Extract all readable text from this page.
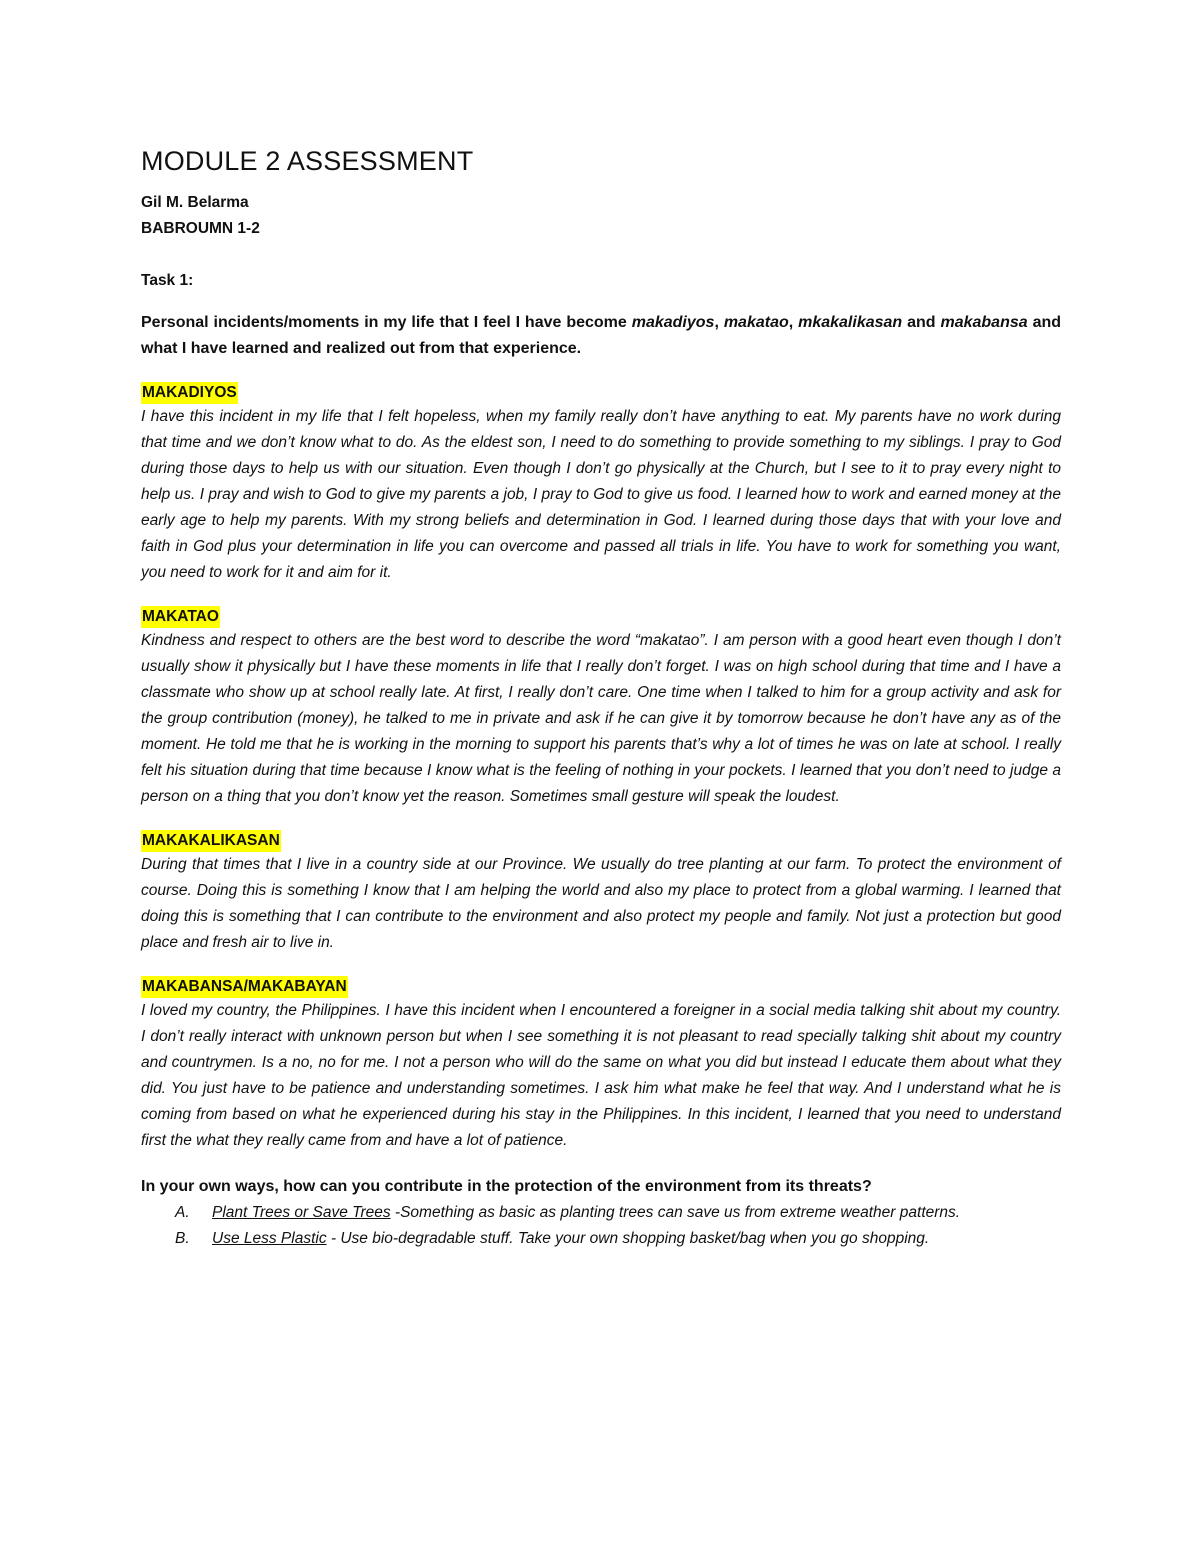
MODULE 2 ASSESSMENT
Gil M. Belarma
BABROUMN 1-2
Task 1:
Personal incidents/moments in my life that I feel I have become makadiyos, makatao, mkakalikasan and makabansa and what I have learned and realized out from that experience.
MAKADIYOS
I have this incident in my life that I felt hopeless, when my family really don’t have anything to eat. My parents have no work during that time and we don’t know what to do. As the eldest son, I need to do something to provide something to my siblings. I pray to God during those days to help us with our situation. Even though I don’t go physically at the Church, but I see to it to pray every night to help us. I pray and wish to God to give my parents a job, I pray to God to give us food. I learned how to work and earned money at the early age to help my parents. With my strong beliefs and determination in God. I learned during those days that with your love and faith in God plus your determination in life you can overcome and passed all trials in life. You have to work for something you want, you need to work for it and aim for it.
MAKATAO
Kindness and respect to others are the best word to describe the word “makatao”. I am person with a good heart even though I don’t usually show it physically but I have these moments in life that I really don’t forget. I was on high school during that time and I have a classmate who show up at school really late. At first, I really don’t care. One time when I talked to him for a group activity and ask for the group contribution (money), he talked to me in private and ask if he can give it by tomorrow because he don’t have any as of the moment. He told me that he is working in the morning to support his parents that’s why a lot of times he was on late at school. I really felt his situation during that time because I know what is the feeling of nothing in your pockets. I learned that you don’t need to judge a person on a thing that you don’t know yet the reason. Sometimes small gesture will speak the loudest.
MAKAKALIKASAN
During that times that I live in a country side at our Province. We usually do tree planting at our farm. To protect the environment of course. Doing this is something I know that I am helping the world and also my place to protect from a global warming. I learned that doing this is something that I can contribute to the environment and also protect my people and family. Not just a protection but good place and fresh air to live in.
MAKABANSA/MAKABAYAN
I loved my country, the Philippines. I have this incident when I encountered a foreigner in a social media talking shit about my country. I don’t really interact with unknown person but when I see something it is not pleasant to read specially talking shit about my country and countrymen. Is a no, no for me. I not a person who will do the same on what you did but instead I educate them about what they did. You just have to be patience and understanding sometimes. I ask him what make he feel that way. And I understand what he is coming from based on what he experienced during his stay in the Philippines. In this incident, I learned that you need to understand first the what they really came from and have a lot of patience.
In your own ways, how can you contribute in the protection of the environment from its threats?
A. Plant Trees or Save Trees -Something as basic as planting trees can save us from extreme weather patterns.
B. Use Less Plastic - Use bio-degradable stuff. Take your own shopping basket/bag when you go shopping.
